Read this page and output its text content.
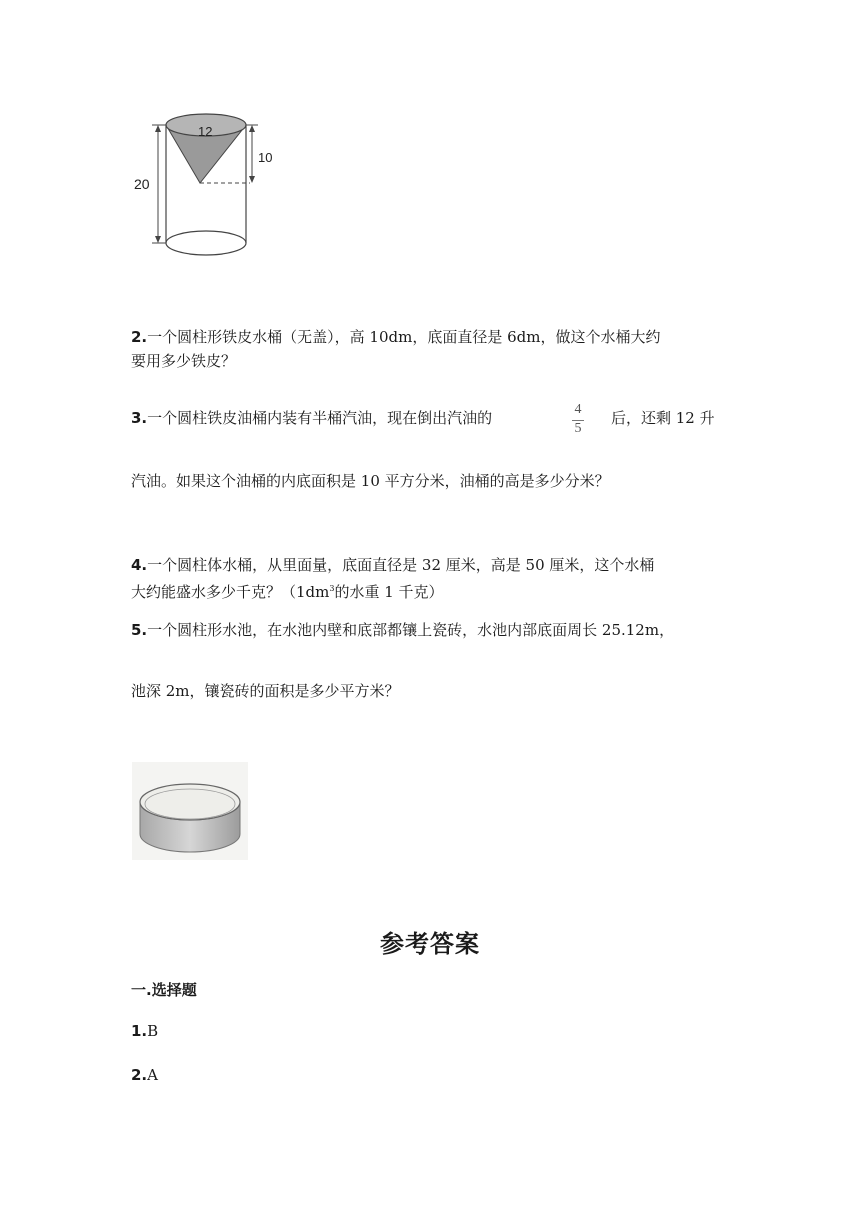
12
10
20
2.一个圆柱形铁皮水桶（无盖），高 10dm，底面直径是 6dm，做这个水桶大约
要用多少铁皮？
3.一个圆柱铁皮油桶内装有半桶汽油，现在倒出汽油的	4
5
后，还剩 12 升
汽油。如果这个油桶的内底面积是 10 平方分米，油桶的高是多少分米？
4.一个圆柱体水桶，从里面量，底面直径是 32 厘米，高是 50 厘米，这个水桶
大约能盛水多少千克？（$1dm^3$的水重 1 千克）
5.一个圆柱形水池，在水池内壁和底部都镶上瓷砖，水池内部底面周长 25.12m，
池深 2m，镶瓷砖的面积是多少平方米？
参考答案
一.选择题
1.B
2.A
